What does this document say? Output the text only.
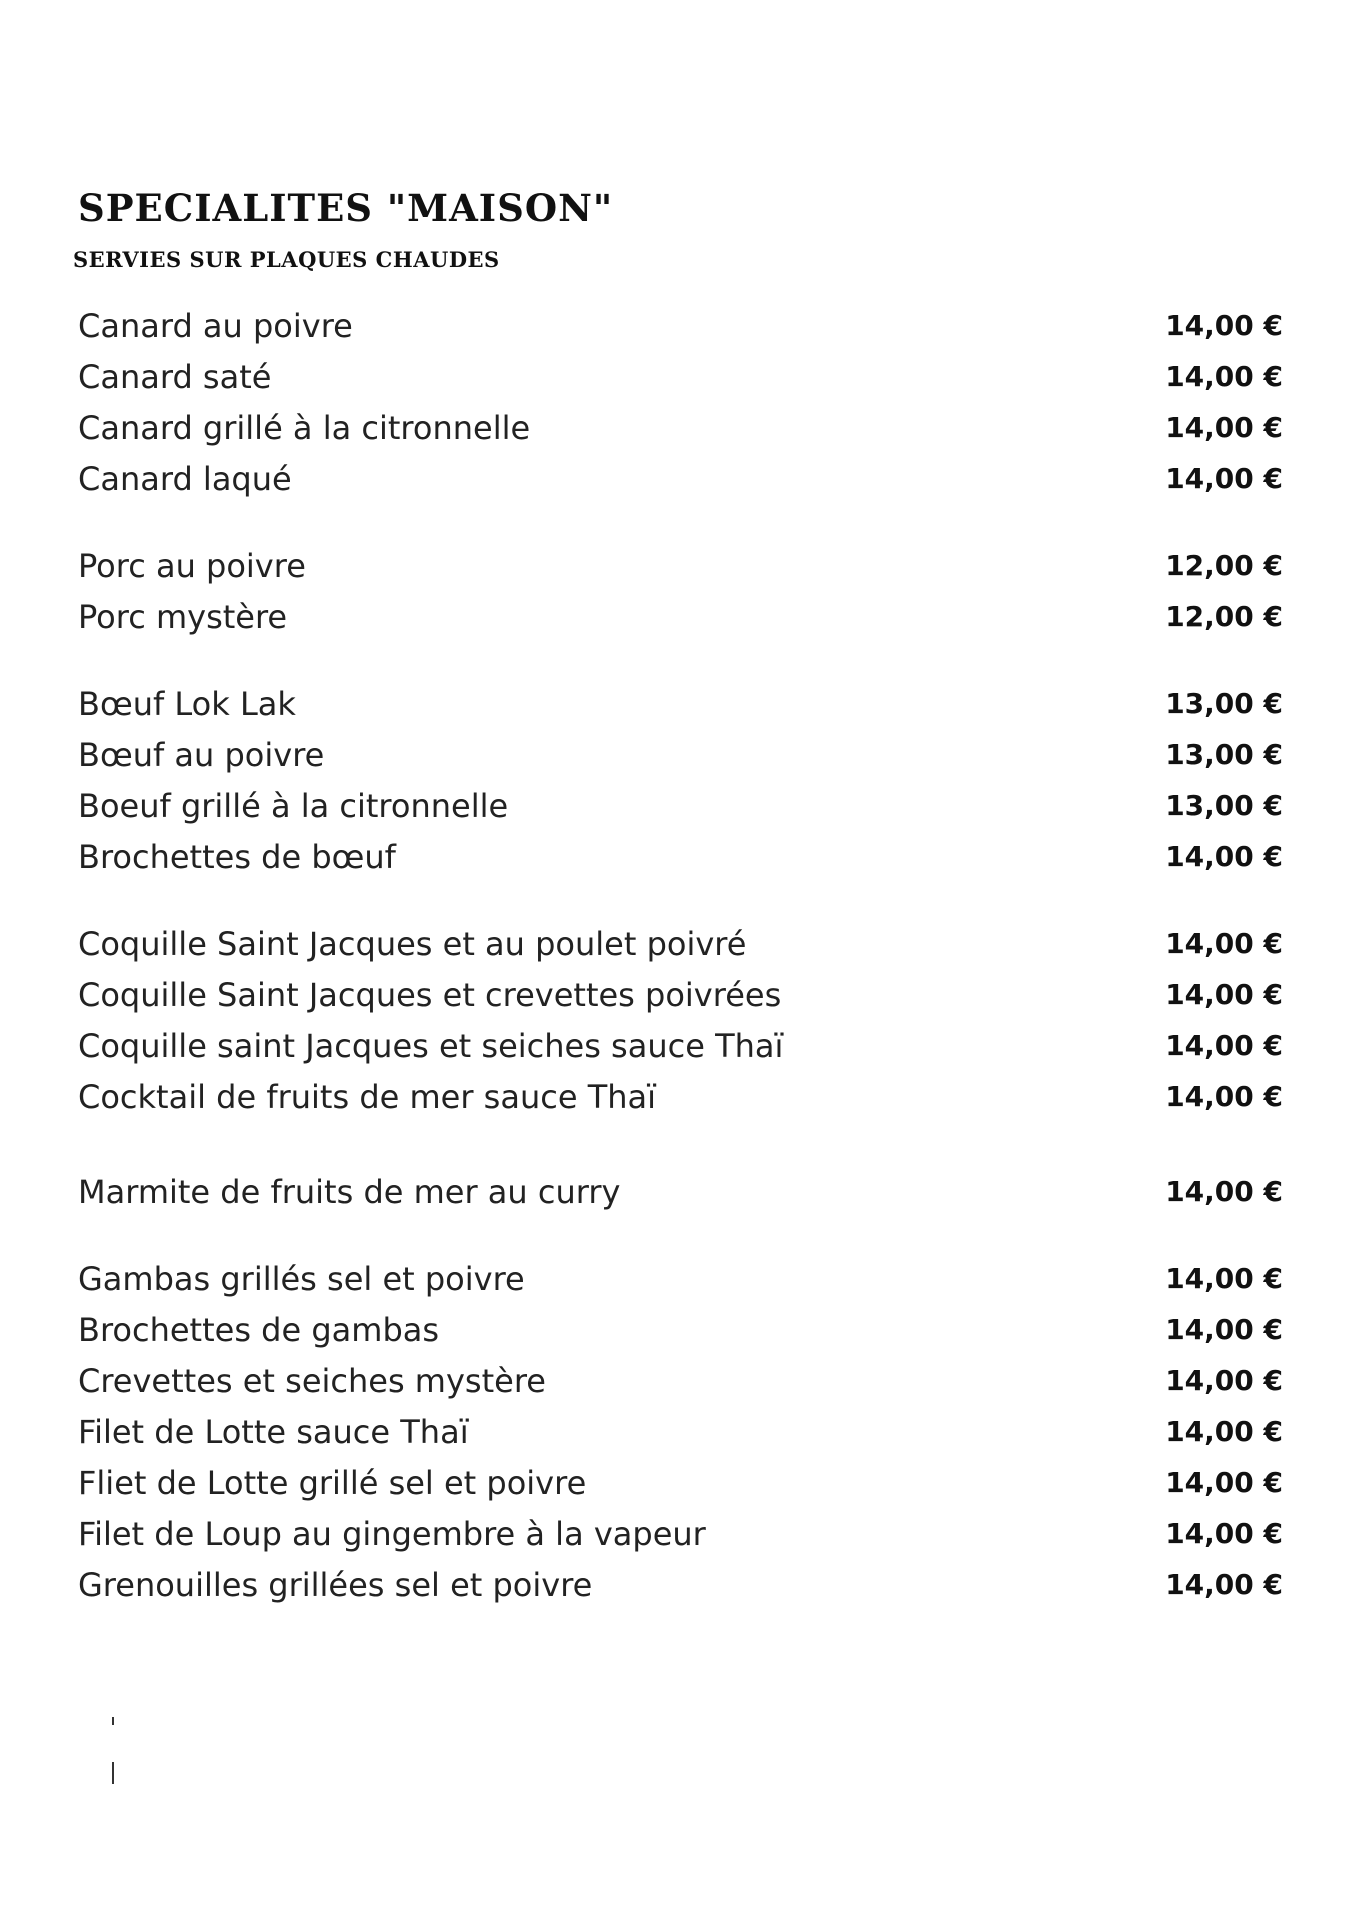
SPECIALITES "MAISON"
SERVIES SUR PLAQUES CHAUDES
Canard au poivre	14,00 €
Canard saté	14,00 €
Canard grillé à la citronnelle	14,00 €
Canard laqué	14,00 €
Porc au poivre	12,00 €
Porc mystère	12,00 €
Bœuf Lok Lak	13,00 €
Bœuf au poivre	13,00 €
Boeuf grillé à la citronnelle	13,00 €
Brochettes de bœuf	14,00 €
Coquille Saint Jacques et au poulet poivré	14,00 €
Coquille Saint Jacques et crevettes poivrées	14,00 €
Coquille saint Jacques et seiches sauce Thaï	14,00 €
Cocktail de fruits de mer sauce Thaï	14,00 €
Marmite de fruits de mer au curry	14,00 €
Gambas grillés sel et poivre	14,00 €
Brochettes de gambas	14,00 €
Crevettes et seiches mystère	14,00 €
Filet de Lotte sauce Thaï	14,00 €
Fliet de Lotte grillé sel et poivre	14,00 €
Filet de Loup au gingembre à la vapeur	14,00 €
Grenouilles grillées sel et poivre	14,00 €
